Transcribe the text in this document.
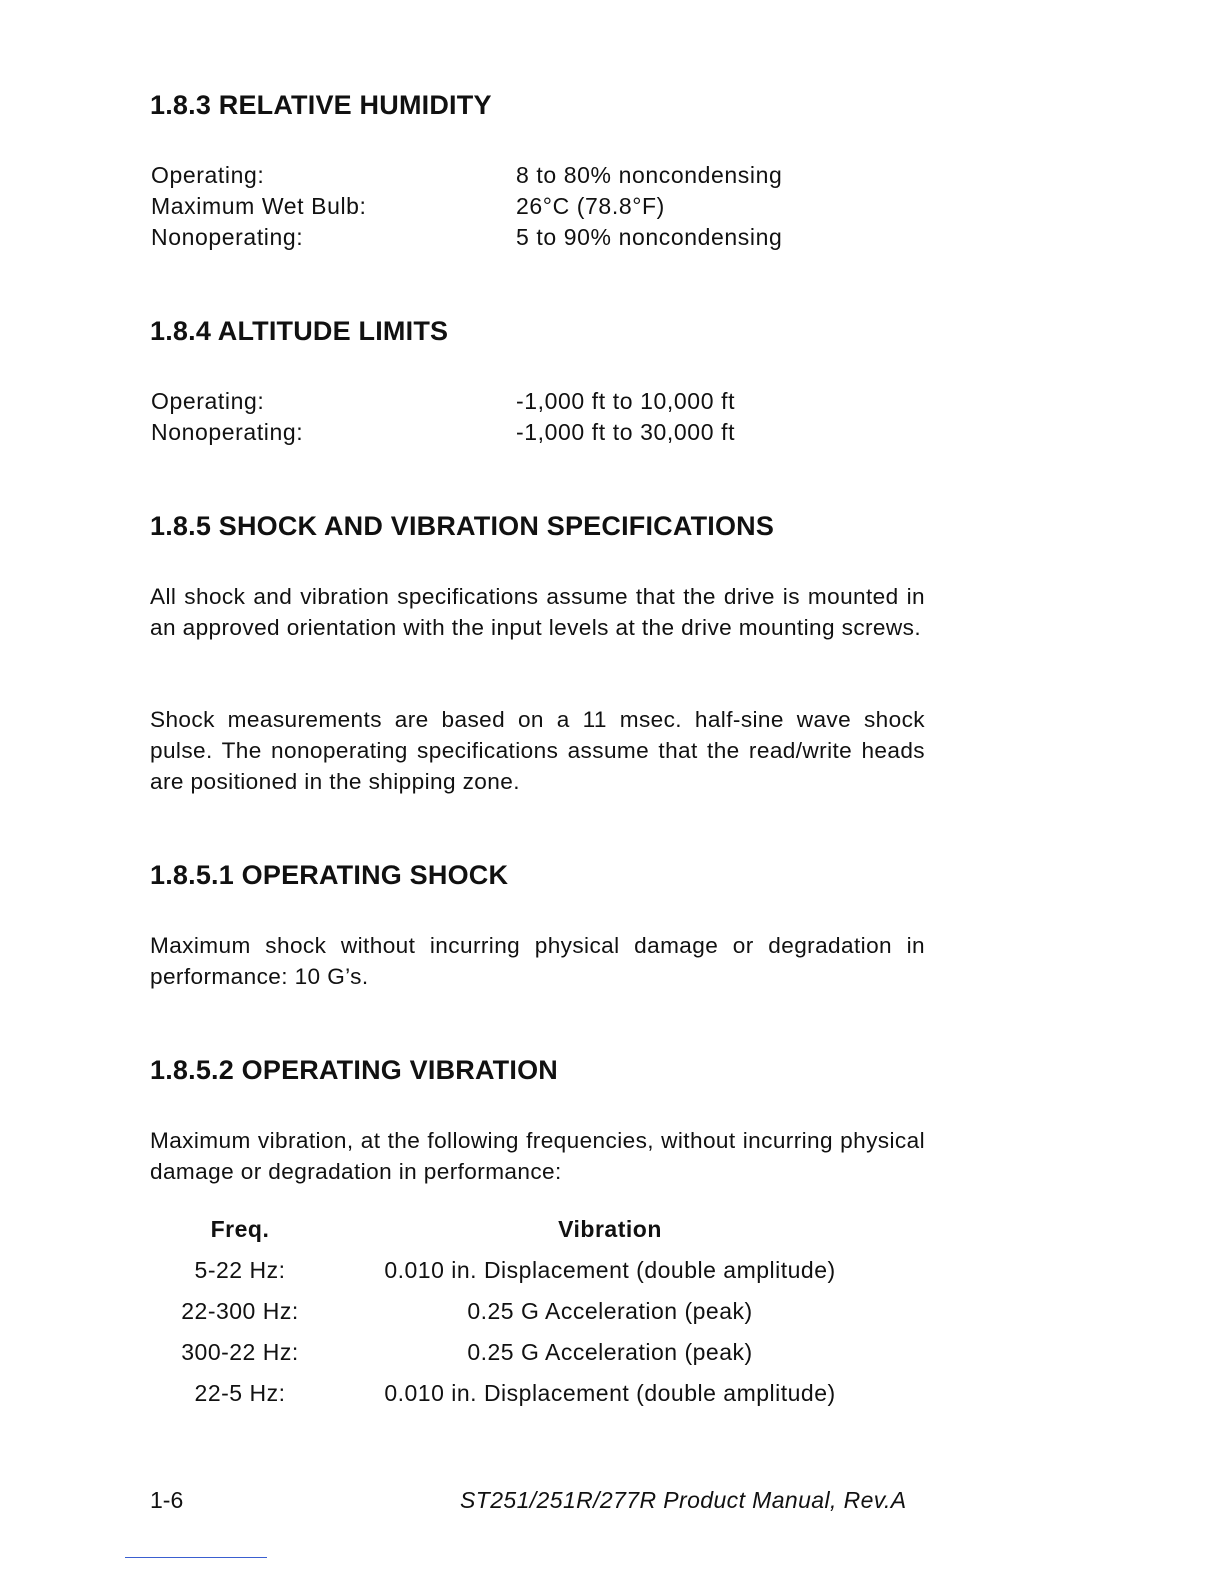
1.8.3 RELATIVE HUMIDITY
Operating:	8 to 80% noncondensing
Maximum Wet Bulb:	26°C (78.8°F)
Nonoperating:	5 to 90% noncondensing
1.8.4 ALTITUDE LIMITS
Operating:	-1,000 ft to 10,000 ft
Nonoperating:	-1,000 ft to 30,000 ft
1.8.5 SHOCK AND VIBRATION SPECIFICATIONS

All shock and vibration specifications assume that the drive is mounted in an approved orientation with the input levels at the drive mounting screws.

Shock measurements are based on a 11 msec. half-sine wave shock pulse. The nonoperating specifications assume that the read/write heads are positioned in the shipping zone.

1.8.5.1 OPERATING SHOCK

Maximum shock without incurring physical damage or degradation in performance: 10 G’s.

1.8.5.2 OPERATING VIBRATION

Maximum vibration, at the following frequencies, without incurring physical damage or degradation in performance:

Freq.	Vibration
5-22 Hz:	0.010 in. Displacement (double amplitude)
22-300 Hz:	0.25 G Acceleration (peak)
300-22 Hz:	0.25 G Acceleration (peak)
22-5 Hz:	0.010 in. Displacement (double amplitude)
1-6	ST251/251R/277R Product Manual, Rev.A
